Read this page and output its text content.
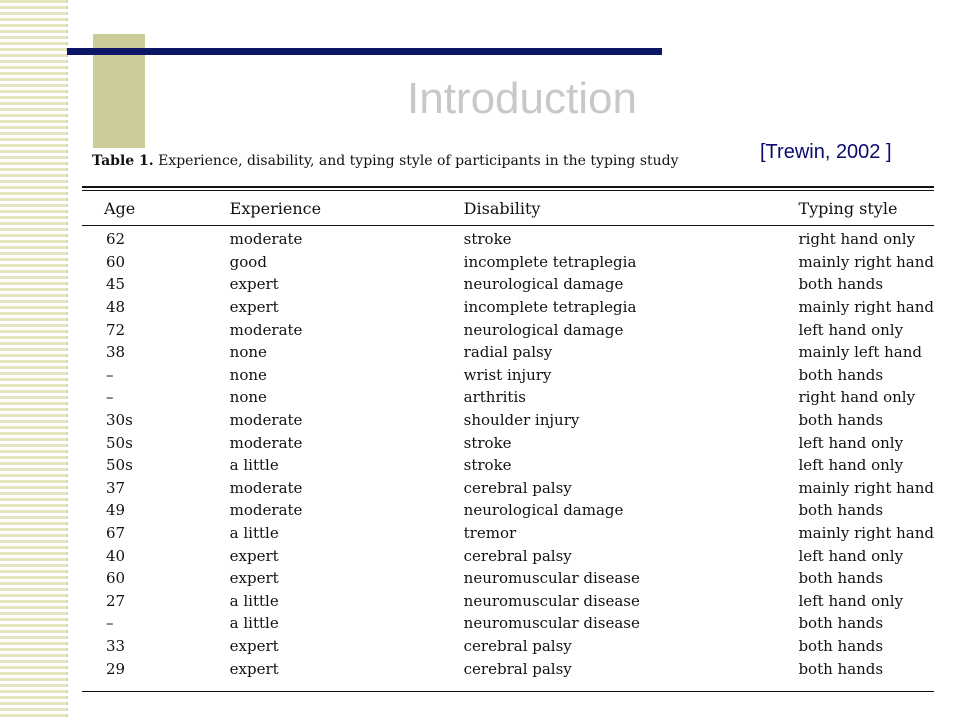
Introduction
[Trewin, 2002 ]
Table 1. Experience, disability, and typing style of participants in the typing study
Age	Experience	Disability	Typing style

62	moderate	stroke	right hand only
60	good	incomplete tetraplegia	mainly right hand
45	expert	neurological damage	both hands
48	expert	incomplete tetraplegia	mainly right hand
72	moderate	neurological damage	left hand only
38	none	radial palsy	mainly left hand
–	none	wrist injury	both hands
–	none	arthritis	right hand only
30s	moderate	shoulder injury	both hands
50s	moderate	stroke	left hand only
50s	a little	stroke	left hand only
37	moderate	cerebral palsy	mainly right hand
49	moderate	neurological damage	both hands
67	a little	tremor	mainly right hand
40	expert	cerebral palsy	left hand only
60	expert	neuromuscular disease	both hands
27	a little	neuromuscular disease	left hand only
–	a little	neuromuscular disease	both hands
33	expert	cerebral palsy	both hands
29	expert	cerebral palsy	both hands
